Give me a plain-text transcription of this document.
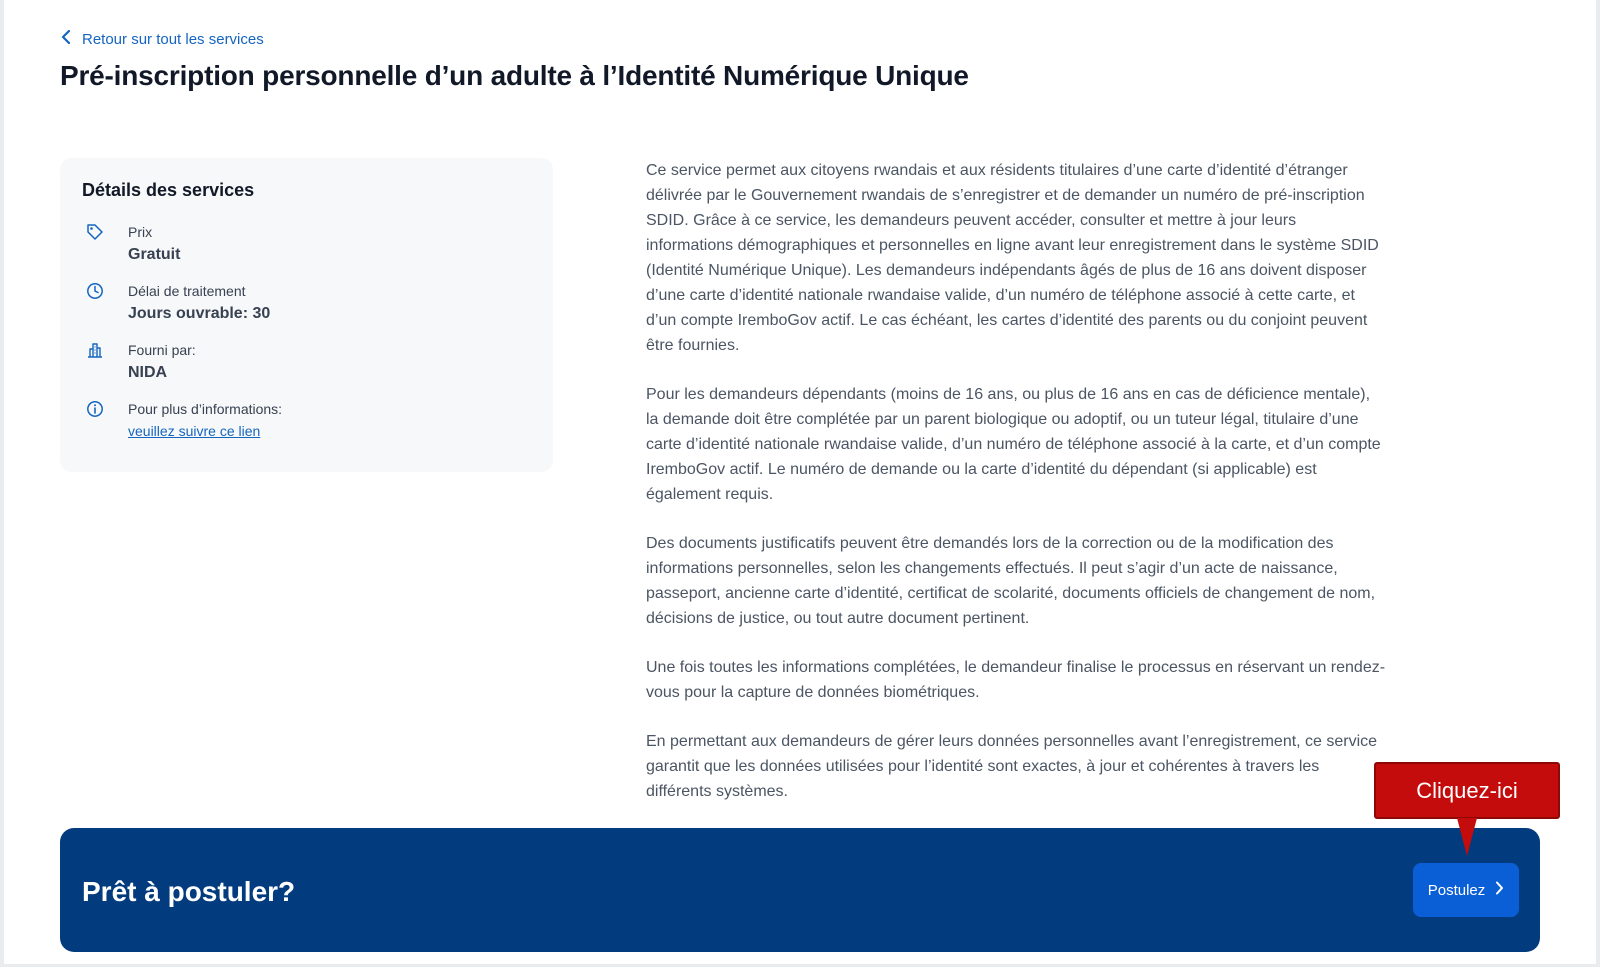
Retour sur tout les services
Pré-inscription personnelle d’un adulte à l’Identité Numérique Unique
Détails des services
Prix
Gratuit
Délai de traitement
Jours ouvrable: 30
Fourni par:
NIDA
Pour plus d’informations:
veuillez suivre ce lien

Ce service permet aux citoyens rwandais et aux résidents titulaires d’une carte d’identité d’étranger délivrée par le Gouvernement rwandais de s’enregistrer et de demander un numéro de pré-inscription SDID. Grâce à ce service, les demandeurs peuvent accéder, consulter et mettre à jour leurs informations démographiques et personnelles en ligne avant leur enregistrement dans le système SDID (Identité Numérique Unique). Les demandeurs indépendants âgés de plus de 16 ans doivent disposer d’une carte d’identité nationale rwandaise valide, d’un numéro de téléphone associé à cette carte, et d’un compte IremboGov actif. Le cas échéant, les cartes d’identité des parents ou du conjoint peuvent être fournies.

Pour les demandeurs dépendants (moins de 16 ans, ou plus de 16 ans en cas de déficience mentale), la demande doit être complétée par un parent biologique ou adoptif, ou un tuteur légal, titulaire d’une carte d’identité nationale rwandaise valide, d’un numéro de téléphone associé à la carte, et d’un compte IremboGov actif. Le numéro de demande ou la carte d’identité du dépendant (si applicable) est également requis.

Des documents justificatifs peuvent être demandés lors de la correction ou de la modification des informations personnelles, selon les changements effectués. Il peut s’agir d’un acte de naissance, passeport, ancienne carte d’identité, certificat de scolarité, documents officiels de changement de nom, décisions de justice, ou tout autre document pertinent.

Une fois toutes les informations complétées, le demandeur finalise le processus en réservant un rendez-vous pour la capture de données biométriques.

En permettant aux demandeurs de gérer leurs données personnelles avant l’enregistrement, ce service garantit que les données utilisées pour l’identité sont exactes, à jour et cohérentes à travers les différents systèmes.

Prêt à postuler?	Postulez
Cliquez-ici
